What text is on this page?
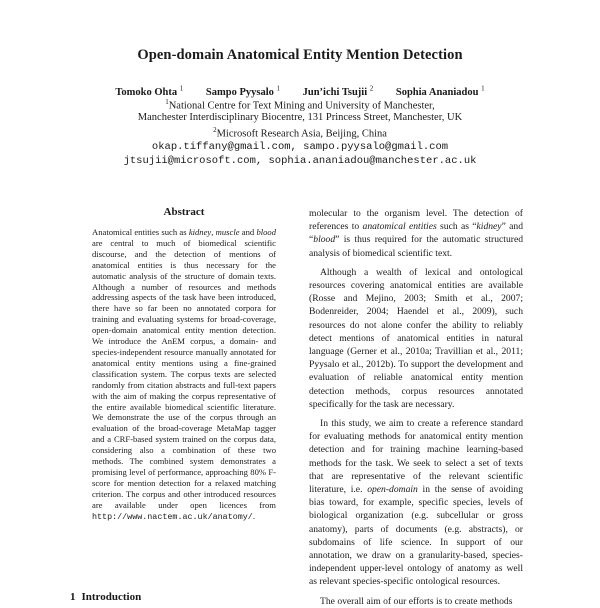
Open-domain Anatomical Entity Mention Detection
Tomoko Ohta $^1$ Sampo Pyysalo $^1$ Jun’ichi Tsujii $^2$ Sophia Ananiadou $^1$
$^1$National Centre for Text Mining and University of Manchester,
Manchester Interdisciplinary Biocentre, 131 Princess Street, Manchester, UK
$^2$Microsoft Research Asia, Beijing, China
okap.tiffany@gmail.com, sampo.pyysalo@gmail.com
jtsujii@microsoft.com, sophia.ananiadou@manchester.ac.uk
Abstract
Anatomical entities such as kidney, muscle and blood are central to much of biomedical scientific discourse, and the detection of mentions of anatomical entities is thus necessary for the automatic analysis of the structure of domain texts. Although a number of resources and methods addressing aspects of the task have been introduced, there have so far been no annotated corpora for training and evaluating systems for broad-coverage, open-domain anatomical entity mention detection. We introduce the AnEM corpus, a domain- and species-independent resource manually annotated for anatomical entity mentions using a fine-grained classification system. The corpus texts are selected randomly from citation abstracts and full-text papers with the aim of making the corpus representative of the entire available biomedical scientific literature. We demonstrate the use of the corpus through an evaluation of the broad-coverage MetaMap tagger and a CRF-based system trained on the corpus data, considering also a combination of these two methods. The combined system demonstrates a promising level of performance, approaching 80% F-score for mention detection for a relaxed matching criterion. The corpus and other introduced resources are available under open licences from http://www.nactem.ac.uk/anatomy/.

molecular to the organism level. The detection of references to anatomical entities such as “kidney” and “blood” is thus required for the automatic structured analysis of biomedical scientific text.

Although a wealth of lexical and ontological resources covering anatomical entities are available (Rosse and Mejino, 2003; Smith et al., 2007; Bodenreider, 2004; Haendel et al., 2009), such resources do not alone confer the ability to reliably detect mentions of anatomical entities in natural language (Gerner et al., 2010a; Travillian et al., 2011; Pyysalo et al., 2012b). To support the development and evaluation of reliable anatomical entity mention detection methods, corpus resources annotated specifically for the task are necessary.

In this study, we aim to create a reference standard for evaluating methods for anatomical entity mention detection and for training machine learning-based methods for the task. We seek to select a set of texts that are representative of the relevant scientific literature, i.e. open-domain in the sense of avoiding bias toward, for example, specific species, levels of biological organization (e.g. subcellular or gross anatomy), parts of documents (e.g. abstracts), or subdomains of life science. In support of our annotation, we draw on a granularity-based, species-independent upper-level ontology of anatomy as well as relevant species-specific ontological resources.

The overall aim of our efforts is to create methods

1 Introduction
